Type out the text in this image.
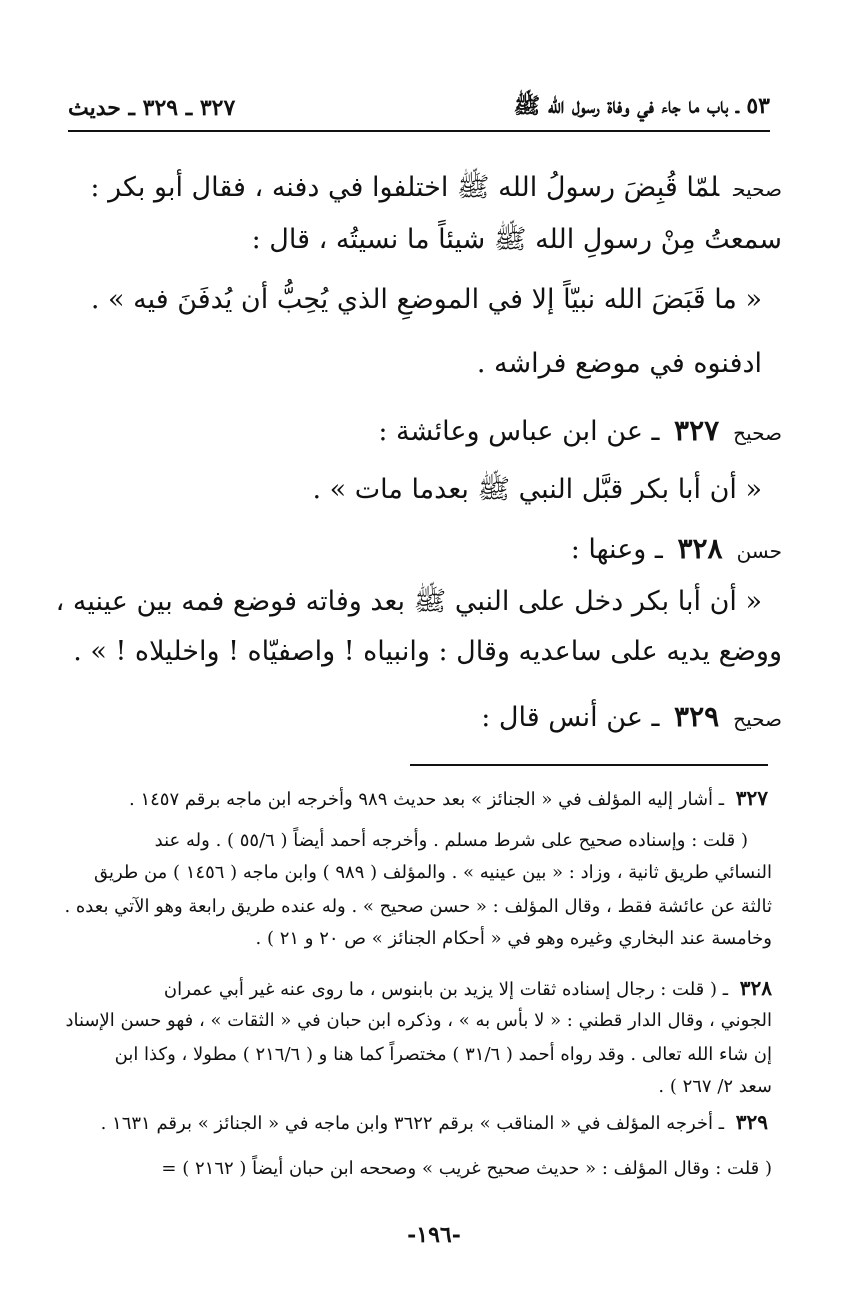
٣٢٧ ـ ٣٢٩ ـ حديث	٥٣ ـ باب ما جاء في وفاة رسول الله ﷺ
صحيحلمّا قُبِضَ رسولُ الله ﷺ اختلفوا في دفنه ، فقال أبو بكر :
سمعتُ مِنْ رسولِ الله ﷺ شيئاً ما نسيتُه ، قال :
« ما قَبَضَ الله نبيّاً إلا في الموضعِ الذي يُحِبُّ أن يُدفَنَ فيه » .
ادفنوه في موضع فراشه .
صحيح٣٢٧ ـ عن ابن عباس وعائشة :
« أن أبا بكر قبَّل النبي ﷺ بعدما مات » .
حسن٣٢٨ ـ وعنها :
« أن أبا بكر دخل على النبي ﷺ بعد وفاته فوضع فمه بين عينيه ،
ووضع يديه على ساعديه وقال : وانبياه ! واصفيّاه ! واخليلاه ! » .
صحيح٣٢٩ ـ عن أنس قال :
٣٢٧ ـ أشار إليه المؤلف في « الجنائز » بعد حديث ٩٨٩ وأخرجه ابن ماجه برقم ١٤٥٧ .
( قلت : وإسناده صحيح على شرط مسلم . وأخرجه أحمد أيضاً ( ٥٥/٦ ) . وله عند
النسائي طريق ثانية ، وزاد : « بين عينيه » . والمؤلف ( ٩٨٩ ) وابن ماجه ( ١٤٥٦ ) من طريق
ثالثة عن عائشة فقط ، وقال المؤلف : « حسن صحيح » . وله عنده طريق رابعة وهو الآتي بعده .
وخامسة عند البخاري وغيره وهو في « أحكام الجنائز » ص ٢٠ و ٢١ ) .
٣٢٨ ـ ( قلت : رجال إسناده ثقات إلا يزيد بن بابنوس ، ما روى عنه غير أبي عمران
الجوني ، وقال الدار قطني : « لا بأس به » ، وذكره ابن حبان في « الثقات » ، فهو حسن الإسناد
إن شاء الله تعالى . وقد رواه أحمد ( ٣١/٦ ) مختصراً كما هنا و ( ٢١٦/٦ ) مطولا ، وكذا ابن
سعد ٢/ ٢٦٧ ) .
٣٢٩ ـ أخرجه المؤلف في « المناقب » برقم ٣٦٢٢ وابن ماجه في « الجنائز » برقم ١٦٣١ .
( قلت : وقال المؤلف : « حديث صحيح غريب » وصححه ابن حبان أيضاً ( ٢١٦٢ ) =
-١٩٦-
